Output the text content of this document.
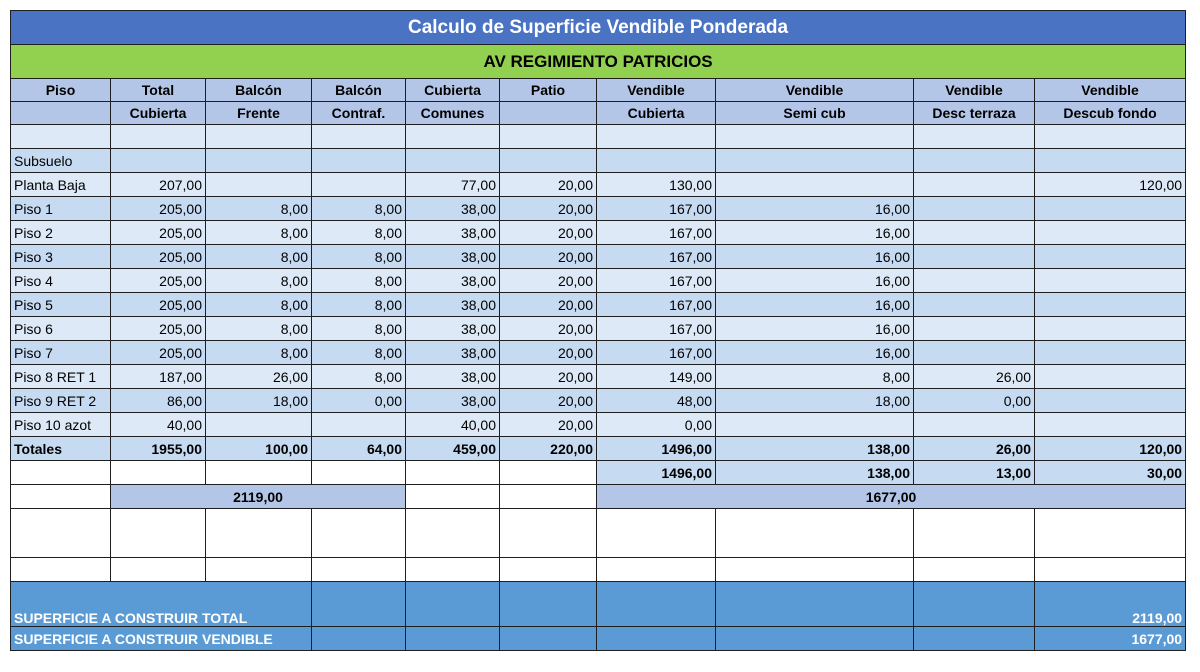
Calculo de Superficie Vendible Ponderada									
AV REGIMIENTO PATRICIOS									
Piso	Total	Balcón	Balcón	Cubierta	Patio	Vendible	Vendible	Vendible	Vendible
	Cubierta	Frente	Contraf.	Comunes		Cubierta	Semi cub	Desc terraza	Descub fondo

Subsuelo									
Planta Baja	207,00			77,00	20,00	130,00			120,00
Piso 1	205,00	8,00	8,00	38,00	20,00	167,00	16,00		
Piso 2	205,00	8,00	8,00	38,00	20,00	167,00	16,00		
Piso 3	205,00	8,00	8,00	38,00	20,00	167,00	16,00		
Piso 4	205,00	8,00	8,00	38,00	20,00	167,00	16,00		
Piso 5	205,00	8,00	8,00	38,00	20,00	167,00	16,00		
Piso 6	205,00	8,00	8,00	38,00	20,00	167,00	16,00		
Piso 7	205,00	8,00	8,00	38,00	20,00	167,00	16,00		
Piso 8 RET 1	187,00	26,00	8,00	38,00	20,00	149,00	8,00	26,00	
Piso 9 RET 2	86,00	18,00	0,00	38,00	20,00	48,00	18,00	0,00	
Piso 10 azot	40,00			40,00	20,00	0,00			
Totales	1955,00	100,00	64,00	459,00	220,00	1496,00	138,00	26,00	120,00
						1496,00	138,00	13,00	30,00
	2119,00					1677,00			

SUPERFICIE A CONSTRUIR TOTAL									2119,00
SUPERFICIE A CONSTRUIR VENDIBLE									1677,00
